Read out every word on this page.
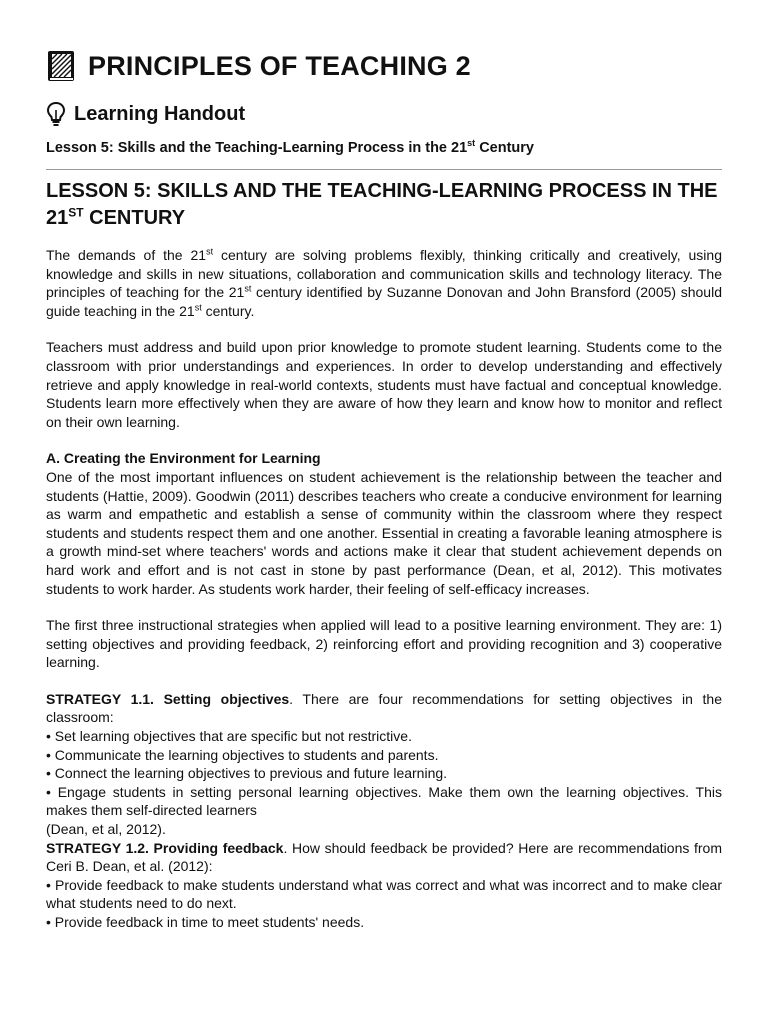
PRINCIPLES OF TEACHING 2
Learning Handout
Lesson 5: Skills and the Teaching-Learning Process in the 21st Century
LESSON 5: SKILLS AND THE TEACHING-LEARNING PROCESS IN THE 21ST CENTURY

The demands of the 21st century are solving problems flexibly, thinking critically and creatively, using knowledge and skills in new situations, collaboration and communication skills and technology literacy. The principles of teaching for the 21st century identified by Suzanne Donovan and John Bransford (2005) should guide teaching in the 21st century.

Teachers must address and build upon prior knowledge to promote student learning. Students come to the classroom with prior understandings and experiences. In order to develop understanding and effectively retrieve and apply knowledge in real-world contexts, students must have factual and conceptual knowledge. Students learn more effectively when they are aware of how they learn and know how to monitor and reflect on their own learning.

A. Creating the Environment for Learning

One of the most important influences on student achievement is the relationship between the teacher and students (Hattie, 2009). Goodwin (2011) describes teachers who create a conducive environment for learning as warm and empathetic and establish a sense of community within the classroom where they respect students and students respect them and one another. Essential in creating a favorable leaning atmosphere is a growth mind-set where teachers' words and actions make it clear that student achievement depends on hard work and effort and is not cast in stone by past performance (Dean, et al, 2012). This motivates students to work harder. As students work harder, their feeling of self-efficacy increases.

The first three instructional strategies when applied will lead to a positive learning environment. They are: 1) setting objectives and providing feedback, 2) reinforcing effort and providing recognition and 3) cooperative learning.

STRATEGY 1.1. Setting objectives. There are four recommendations for setting objectives in the classroom:

• Set learning objectives that are specific but not restrictive.

• Communicate the learning objectives to students and parents.

• Connect the learning objectives to previous and future learning.

• Engage students in setting personal learning objectives. Make them own the learning objectives. This makes them self-directed learners

(Dean, et al, 2012).

STRATEGY 1.2. Providing feedback. How should feedback be provided? Here are recommendations from Ceri B. Dean, et al. (2012):

• Provide feedback to make students understand what was correct and what was incorrect and to make clear what students need to do next.

• Provide feedback in time to meet students' needs.
